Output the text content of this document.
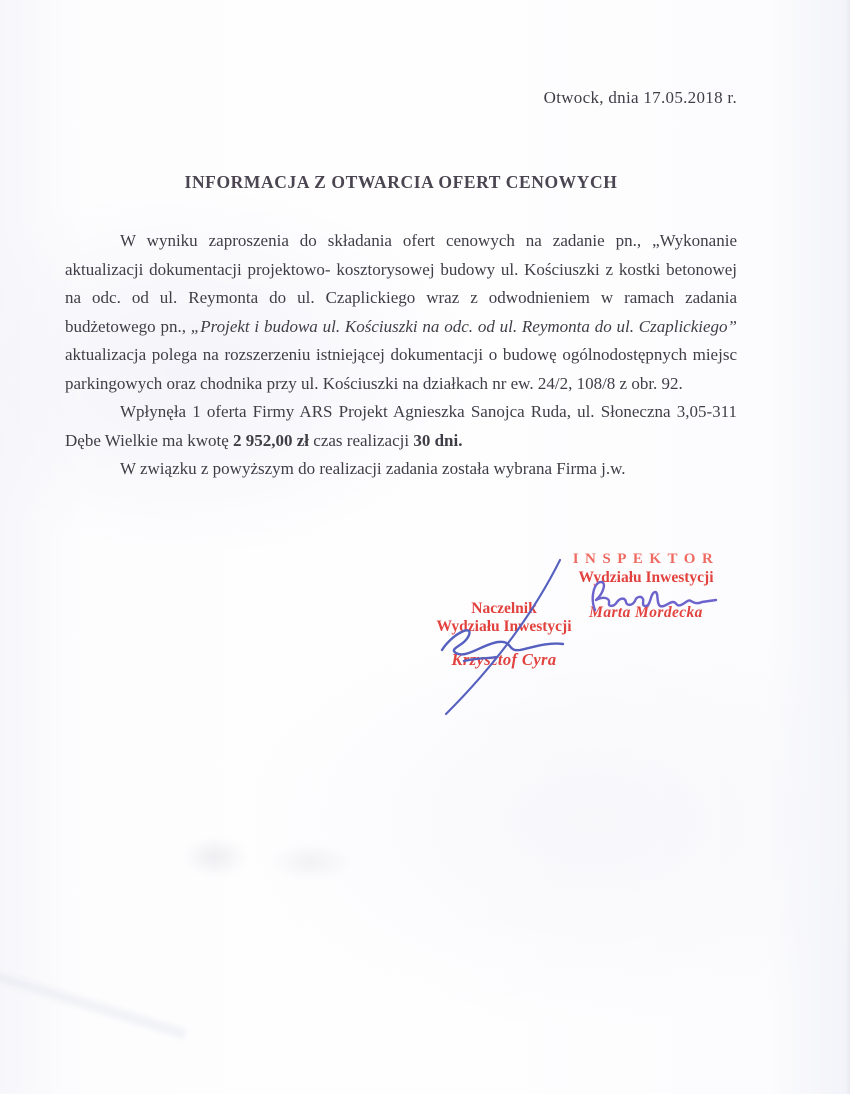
Otwock, dnia 17.05.2018 r.
INFORMACJA Z OTWARCIA OFERT CENOWYCH

W wyniku zaproszenia do składania ofert cenowych na zadanie pn., „Wykonanie aktualizacji dokumentacji projektowo- kosztorysowej budowy ul. Kościuszki z kostki betonowej na odc. od ul. Reymonta do ul. Czaplickiego wraz z odwodnieniem w ramach zadania budżetowego pn., „Projekt i budowa ul. Kościuszki na odc. od ul. Reymonta do ul. Czaplickiego” aktualizacja polega na rozszerzeniu istniejącej dokumentacji o budowę ogólnodostępnych miejsc parkingowych oraz chodnika przy ul. Kościuszki na działkach nr ew. 24/2, 108/8 z obr. 92.

Wpłynęła 1 oferta Firmy ARS Projekt Agnieszka Sanojca Ruda, ul. Słoneczna 3,05-311 Dębe Wielkie ma kwotę 2 952,00 zł czas realizacji 30 dni.

W związku z powyższym do realizacji zadania została wybrana Firma j.w.

INSPEKTOR
Wydziału Inwestycji
Marta Mordecka
Naczelnik
Wydziału Inwestycji
Krzysztof Cyra
